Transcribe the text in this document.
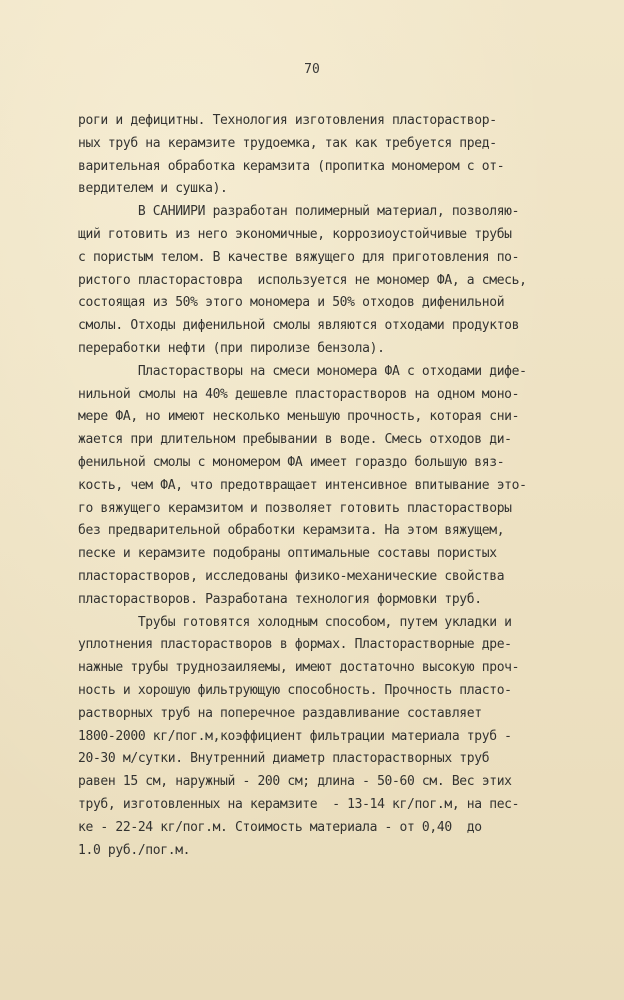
70
роги и дефицитны. Технология изготовления пластораствор-
ных труб на керамзите трудоемка, так как требуется пред-
варительная обработка керамзита (пропитка мономером с от-
вердителем и сушка).
В САНИИРИ разработан полимерный материал, позволяю-
щий готовить из него экономичные, коррозиоустойчивые трубы
с пористым телом. В качестве вяжущего для приготовления по-
ристого пласторастовра  используется не мономер ФА, а смесь,
состоящая из 50% этого мономера и 50% отходов дифенильной
смолы. Отходы дифенильной смолы являются отходами продуктов
переработки нефти (при пиролизе бензола).
Пласторастворы на смеси мономера ФА с отходами дифе-
нильной смолы на 40% дешевле пласторастворов на одном моно-
мере ФА, но имеют несколько меньшую прочность, которая сни-
жается при длительном пребывании в воде. Смесь отходов ди-
фенильной смолы с мономером ФА имеет гораздо большую вяз-
кость, чем ФА, что предотвращает интенсивное впитывание это-
го вяжущего керамзитом и позволяет готовить пласторастворы
без предварительной обработки керамзита. На этом вяжущем,
песке и керамзите подобраны оптимальные составы пористых
пласторастворов, исследованы физико-механические свойства
пласторастворов. Разработана технология формовки труб.
Трубы готовятся холодным способом, путем укладки и
уплотнения пласторастворов в формах. Пласторастворные дре-
нажные трубы труднозаиляемы, имеют достаточно высокую проч-
ность и хорошую фильтрующую способность. Прочность пласто-
растворных труб на поперечное раздавливание составляет
1800-2000 кг/пог.м,коэффициент фильтрации материала труб -
20-30 м/сутки. Внутренний диаметр пласторастворных труб
равен 15 см, наружный - 200 см; длина - 50-60 см. Вес этих
труб, изготовленных на керамзите  - 13-14 кг/пог.м, на пес-
ке - 22-24 кг/пог.м. Стоимость материала - от 0,40  до
1.0 руб./пог.м.
